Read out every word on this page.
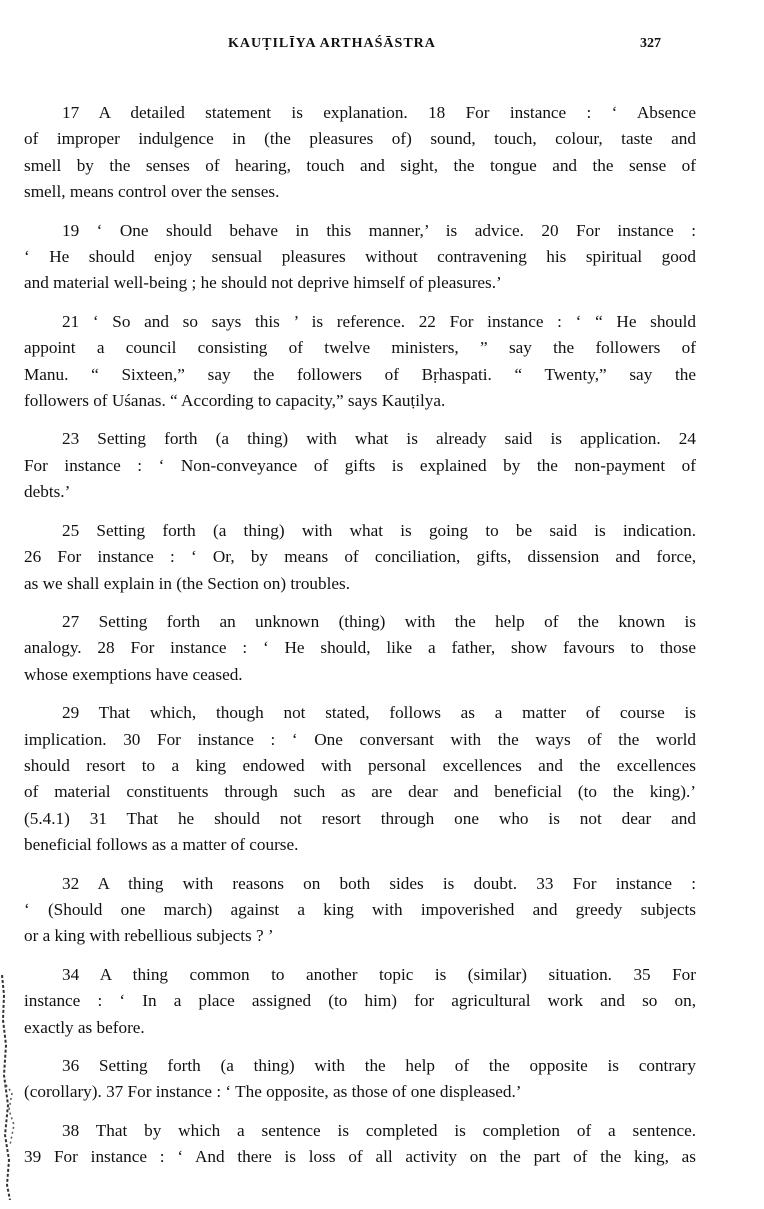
KAUṬILĪYA ARTHAŚĀSTRA	327

17 A detailed statement is explanation. 18 For instance : ‘ Absence
of improper indulgence in (the pleasures of) sound, touch, colour, taste and
smell by the senses of hearing, touch and sight, the tongue and the sense of
smell, means control over the senses.

19 ‘ One should behave in this manner,’ is advice. 20 For instance :
‘ He should enjoy sensual pleasures without contravening his spiritual good
and material well-being ; he should not deprive himself of pleasures.’

21 ‘ So and so says this ’ is reference. 22 For instance : ‘ “ He should
appoint a council consisting of twelve ministers, ” say the followers of
Manu. “ Sixteen,” say the followers of Bṛhaspati. “ Twenty,” say the
followers of Uśanas. “ According to capacity,” says Kauṭilya.

23 Setting forth (a thing) with what is already said is application. 24
For instance : ‘ Non-conveyance of gifts is explained by the non-payment of
debts.’

25 Setting forth (a thing) with what is going to be said is indication.
26 For instance : ‘ Or, by means of conciliation, gifts, dissension and force,
as we shall explain in (the Section on) troubles.

27 Setting forth an unknown (thing) with the help of the known is
analogy. 28 For instance : ‘ He should, like a father, show favours to those
whose exemptions have ceased.

29 That which, though not stated, follows as a matter of course is
implication. 30 For instance : ‘ One conversant with the ways of the world
should resort to a king endowed with personal excellences and the excellences
of material constituents through such as are dear and beneficial (to the king).’
(5.4.1) 31 That he should not resort through one who is not dear and
beneficial follows as a matter of course.

32 A thing with reasons on both sides is doubt. 33 For instance :
‘ (Should one march) against a king with impoverished and greedy subjects
or a king with rebellious subjects ? ’

34 A thing common to another topic is (similar) situation. 35 For
instance : ‘ In a place assigned (to him) for agricultural work and so on,
exactly as before.

36 Setting forth (a thing) with the help of the opposite is contrary
(corollary). 37 For instance : ‘ The opposite, as those of one displeased.’

38 That by which a sentence is completed is completion of a sentence.
39 For instance : ‘ And there is loss of all activity on the part of the king, as
